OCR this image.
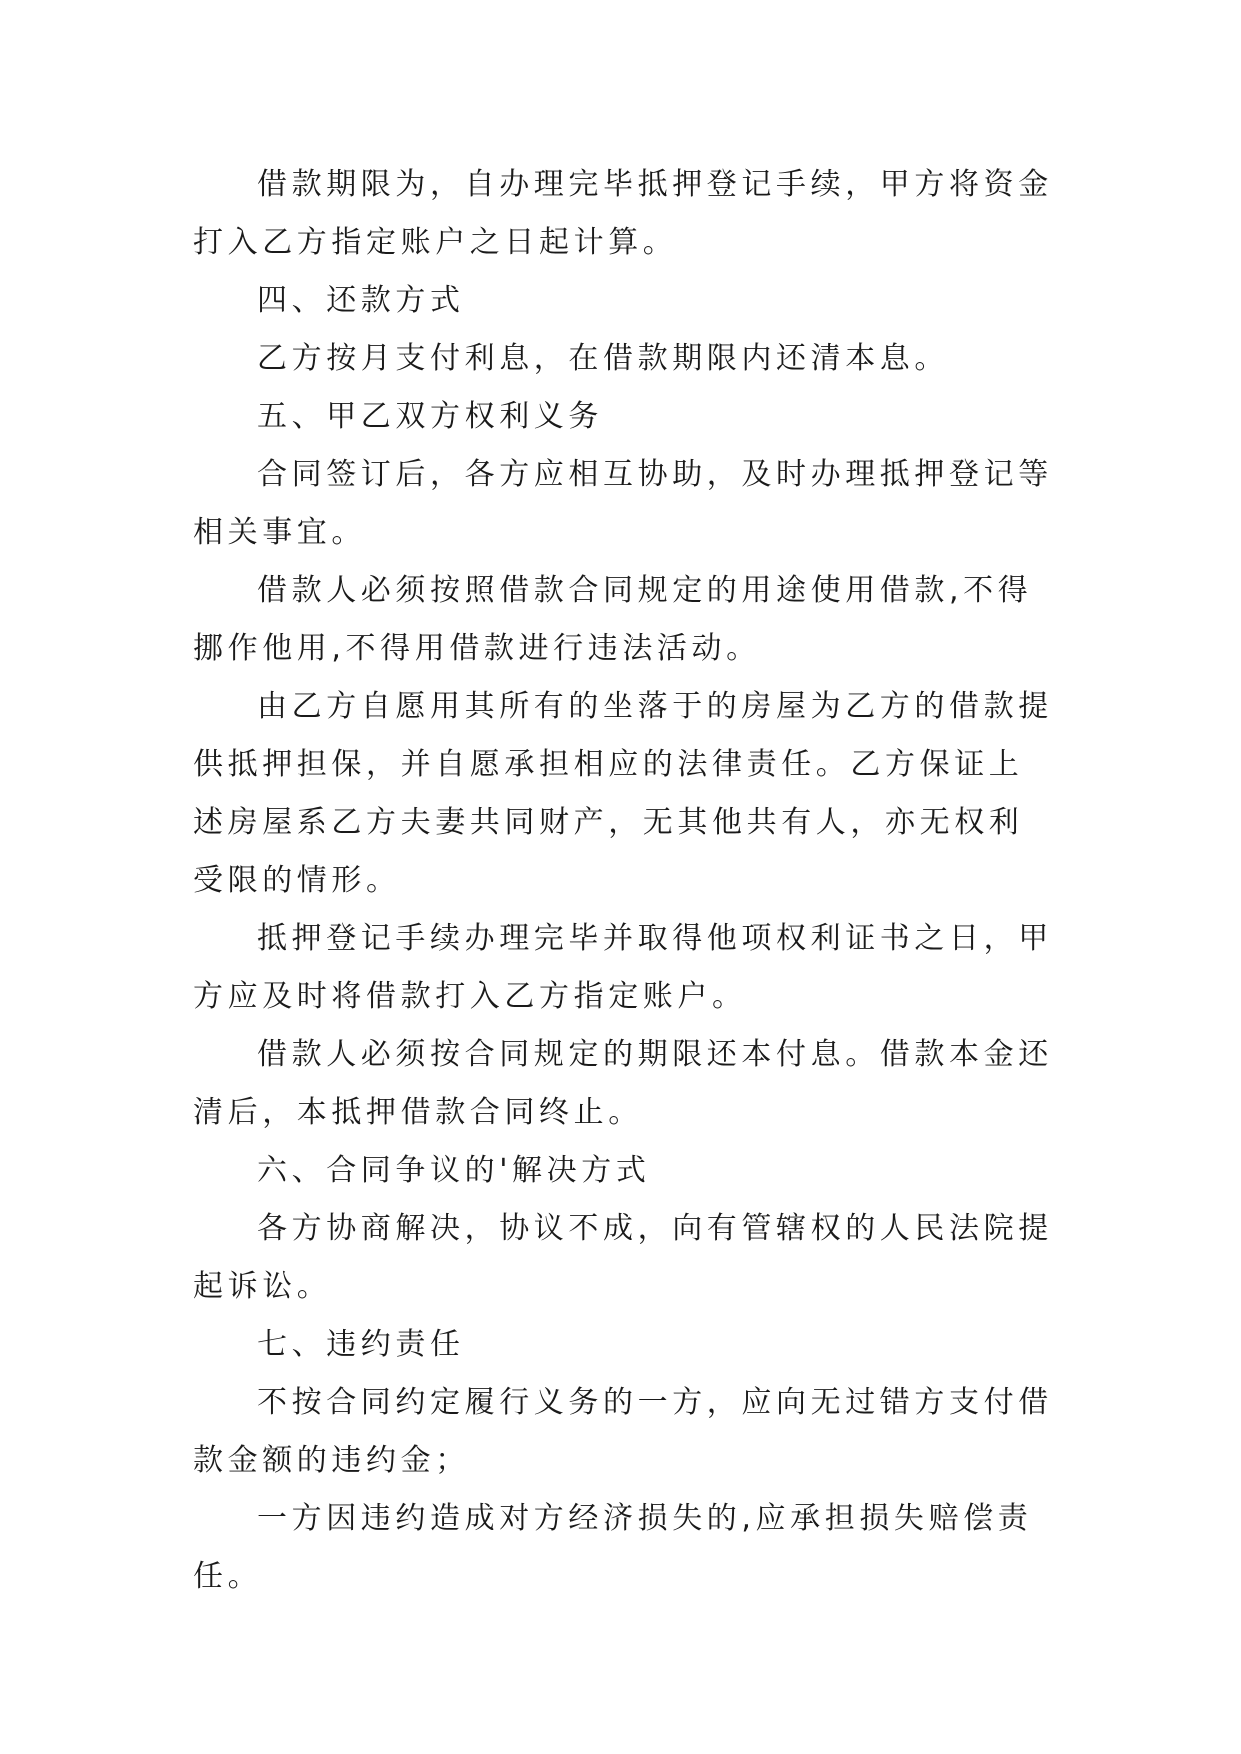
借款期限为，自办理完毕抵押登记手续，甲方将资金打入乙方指定账户之日起计算。

四、还款方式

乙方按月支付利息，在借款期限内还清本息。

五、甲乙双方权利义务

合同签订后，各方应相互协助，及时办理抵押登记等相关事宜。

借款人必须按照借款合同规定的用途使用借款,不得挪作他用,不得用借款进行违法活动。

由乙方自愿用其所有的坐落于的房屋为乙方的借款提供抵押担保，并自愿承担相应的法律责任。乙方保证上述房屋系乙方夫妻共同财产，无其他共有人，亦无权利受限的情形。

抵押登记手续办理完毕并取得他项权利证书之日，甲方应及时将借款打入乙方指定账户。

借款人必须按合同规定的期限还本付息。借款本金还清后，本抵押借款合同终止。

六、合同争议的'解决方式

各方协商解决，协议不成，向有管辖权的人民法院提起诉讼。

七、违约责任

不按合同约定履行义务的一方，应向无过错方支付借款金额的违约金；

一方因违约造成对方经济损失的,应承担损失赔偿责任。
